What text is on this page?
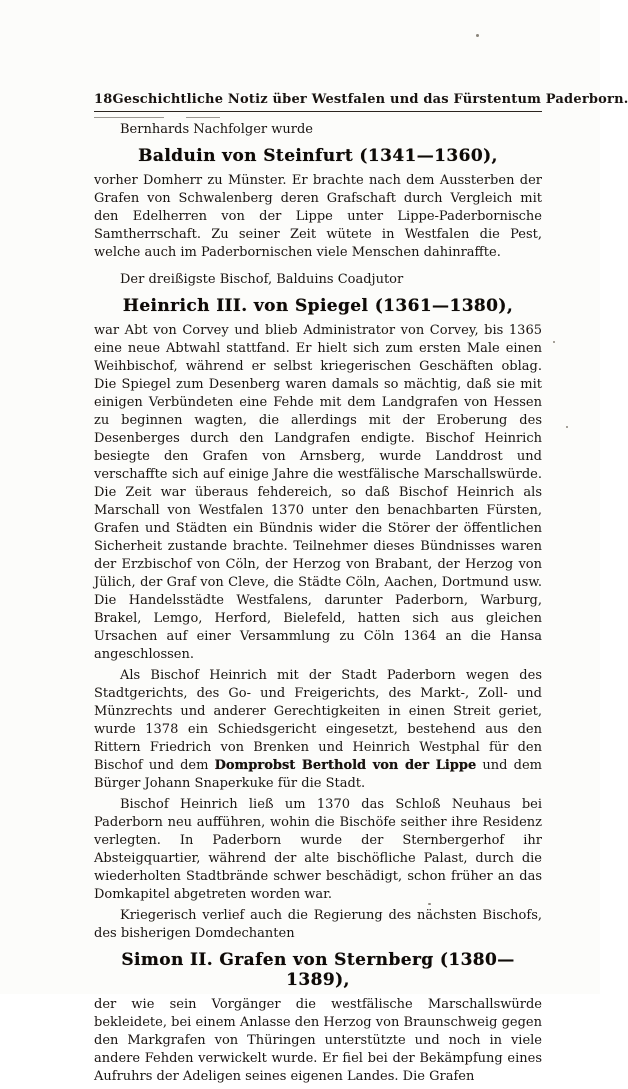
18 Geschichtliche Notiz über Westfalen und das Fürstentum Paderborn.
Bernhards Nachfolger wurde
Balduin von Steinfurt (1341—1360),

vorher Domherr zu Münster. Er brachte nach dem Aussterben der Grafen von Schwalenberg deren Grafschaft durch Vergleich mit den Edelherren von der Lippe unter Lippe-Paderbornische Samtherrschaft. Zu seiner Zeit wütete in Westfalen die Pest, welche auch im Paderbornischen viele Menschen dahinraffte.

Der dreißigste Bischof, Balduins Coadjutor
Heinrich III. von Spiegel (1361—1380),

war Abt von Corvey und blieb Administrator von Corvey, bis 1365 eine neue Abtwahl stattfand. Er hielt sich zum ersten Male einen Weihbischof, während er selbst kriegerischen Geschäften oblag. Die Spiegel zum Desenberg waren damals so mächtig, daß sie mit einigen Verbündeten eine Fehde mit dem Landgrafen von Hessen zu beginnen wagten, die allerdings mit der Eroberung des Desenberges durch den Landgrafen endigte. Bischof Heinrich besiegte den Grafen von Arnsberg, wurde Landdrost und verschaffte sich auf einige Jahre die westfälische Marschallswürde. Die Zeit war überaus fehdereich, so daß Bischof Heinrich als Marschall von Westfalen 1370 unter den benachbarten Fürsten, Grafen und Städten ein Bündnis wider die Störer der öffentlichen Sicherheit zustande brachte. Teilnehmer dieses Bündnisses waren der Erzbischof von Cöln, der Herzog von Brabant, der Herzog von Jülich, der Graf von Cleve, die Städte Cöln, Aachen, Dortmund usw. Die Handelsstädte Westfalens, darunter Paderborn, Warburg, Brakel, Lemgo, Herford, Bielefeld, hatten sich aus gleichen Ursachen auf einer Versammlung zu Cöln 1364 an die Hansa angeschlossen.

Als Bischof Heinrich mit der Stadt Paderborn wegen des Stadtgerichts, des Go- und Freigerichts, des Markt-, Zoll- und Münzrechts und anderer Gerechtigkeiten in einen Streit geriet, wurde 1378 ein Schiedsgericht eingesetzt, bestehend aus den Rittern Friedrich von Brenken und Heinrich Westphal für den Bischof und dem Domprobst Berthold von der Lippe und dem Bürger Johann Snaperkuke für die Stadt.

Bischof Heinrich ließ um 1370 das Schloß Neuhaus bei Paderborn neu aufführen, wohin die Bischöfe seither ihre Residenz verlegten. In Paderborn wurde der Sternbergerhof ihr Absteigquartier, während der alte bischöfliche Palast, durch die wiederholten Stadtbrände schwer beschädigt, schon früher an das Domkapitel abgetreten worden war.

Kriegerisch verlief auch die Regierung des nächsten Bischofs, des bisherigen Domdechanten

Simon II. Grafen von Sternberg (1380—1389),

der wie sein Vorgänger die westfälische Marschallswürde bekleidete, bei einem Anlasse den Herzog von Braunschweig gegen den Markgrafen von Thüringen unterstützte und noch in viele andere Fehden verwickelt wurde. Er fiel bei der Bekämpfung eines Aufruhrs der Adeligen seines eigenen Landes. Die Grafen
